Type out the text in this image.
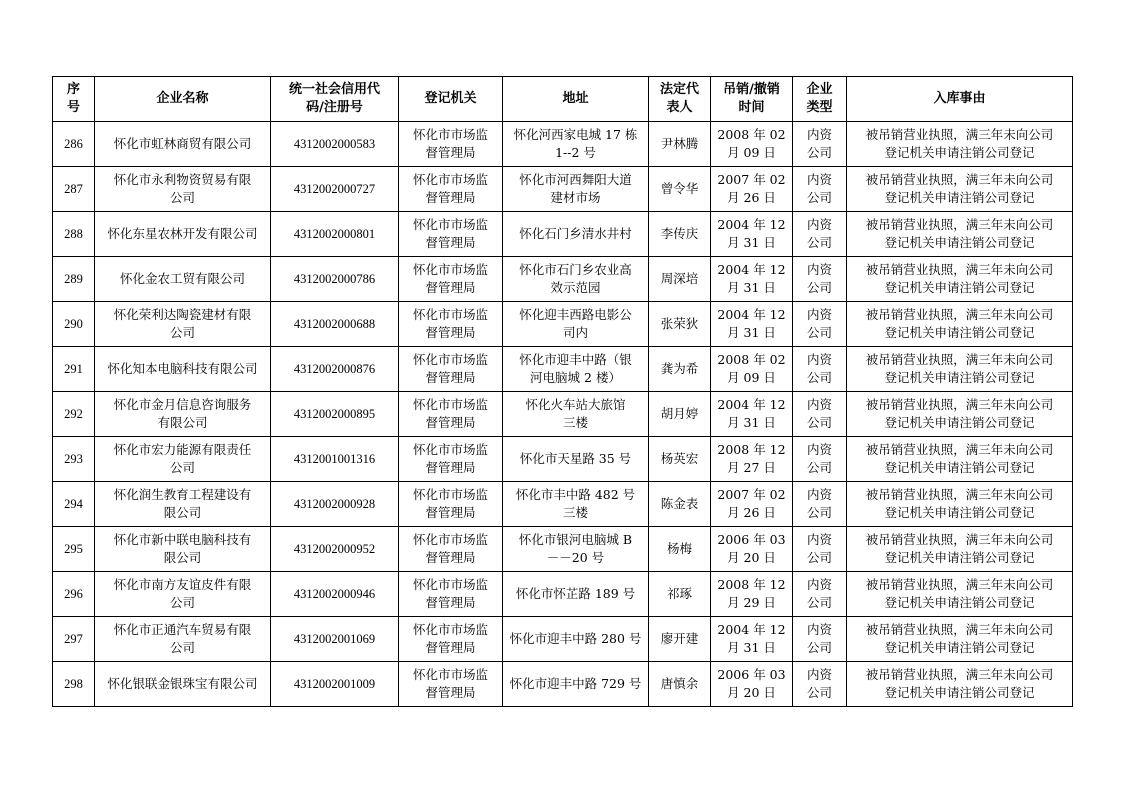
序
号	企业名称	统一社会信用代
码/注册号	登记机关	地址	法定代
表人	吊销/撤销
时间	企业
类型	入库事由
286	怀化市虹林商贸有限公司	4312002000583	怀化市市场监
督管理局	怀化河西家电城 17 栋
1--2 号	尹林腾	2008 年 02
月 09 日	内资
公司	被吊销营业执照，满三年未向公司
登记机关申请注销公司登记
287	怀化市永利物资贸易有限
公司	4312002000727	怀化市市场监
督管理局	怀化市河西舞阳大道
建材市场	曾令华	2007 年 02
月 26 日	内资
公司	被吊销营业执照，满三年未向公司
登记机关申请注销公司登记
288	怀化东星农林开发有限公司	4312002000801	怀化市市场监
督管理局	怀化石门乡清水井村	李传庆	2004 年 12
月 31 日	内资
公司	被吊销营业执照，满三年未向公司
登记机关申请注销公司登记
289	怀化金农工贸有限公司	4312002000786	怀化市市场监
督管理局	怀化市石门乡农业高
效示范园	周深培	2004 年 12
月 31 日	内资
公司	被吊销营业执照，满三年未向公司
登记机关申请注销公司登记
290	怀化荣利达陶瓷建材有限
公司	4312002000688	怀化市市场监
督管理局	怀化迎丰西路电影公
司内	张荣狄	2004 年 12
月 31 日	内资
公司	被吊销营业执照，满三年未向公司
登记机关申请注销公司登记
291	怀化知本电脑科技有限公司	4312002000876	怀化市市场监
督管理局	怀化市迎丰中路（银
河电脑城 2 楼）	龚为希	2008 年 02
月 09 日	内资
公司	被吊销营业执照，满三年未向公司
登记机关申请注销公司登记
292	怀化市金月信息咨询服务
有限公司	4312002000895	怀化市市场监
督管理局	怀化火车站大旅馆
三楼	胡月婷	2004 年 12
月 31 日	内资
公司	被吊销营业执照，满三年未向公司
登记机关申请注销公司登记
293	怀化市宏力能源有限责任
公司	4312001001316	怀化市市场监
督管理局	怀化市天星路 35 号	杨英宏	2008 年 12
月 27 日	内资
公司	被吊销营业执照，满三年未向公司
登记机关申请注销公司登记
294	怀化润生教育工程建设有
限公司	4312002000928	怀化市市场监
督管理局	怀化市丰中路 482 号
三楼	陈金表	2007 年 02
月 26 日	内资
公司	被吊销营业执照，满三年未向公司
登记机关申请注销公司登记
295	怀化市新中联电脑科技有
限公司	4312002000952	怀化市市场监
督管理局	怀化市银河电脑城 B
－－20 号	杨梅	2006 年 03
月 20 日	内资
公司	被吊销营业执照，满三年未向公司
登记机关申请注销公司登记
296	怀化市南方友谊皮件有限
公司	4312002000946	怀化市市场监
督管理局	怀化市怀芷路 189 号	祁琢	2008 年 12
月 29 日	内资
公司	被吊销营业执照，满三年未向公司
登记机关申请注销公司登记
297	怀化市正通汽车贸易有限
公司	4312002001069	怀化市市场监
督管理局	怀化市迎丰中路 280 号	廖开建	2004 年 12
月 31 日	内资
公司	被吊销营业执照，满三年未向公司
登记机关申请注销公司登记
298	怀化银联金银珠宝有限公司	4312002001009	怀化市市场监
督管理局	怀化市迎丰中路 729 号	唐慎余	2006 年 03
月 20 日	内资
公司	被吊销营业执照，满三年未向公司
登记机关申请注销公司登记
